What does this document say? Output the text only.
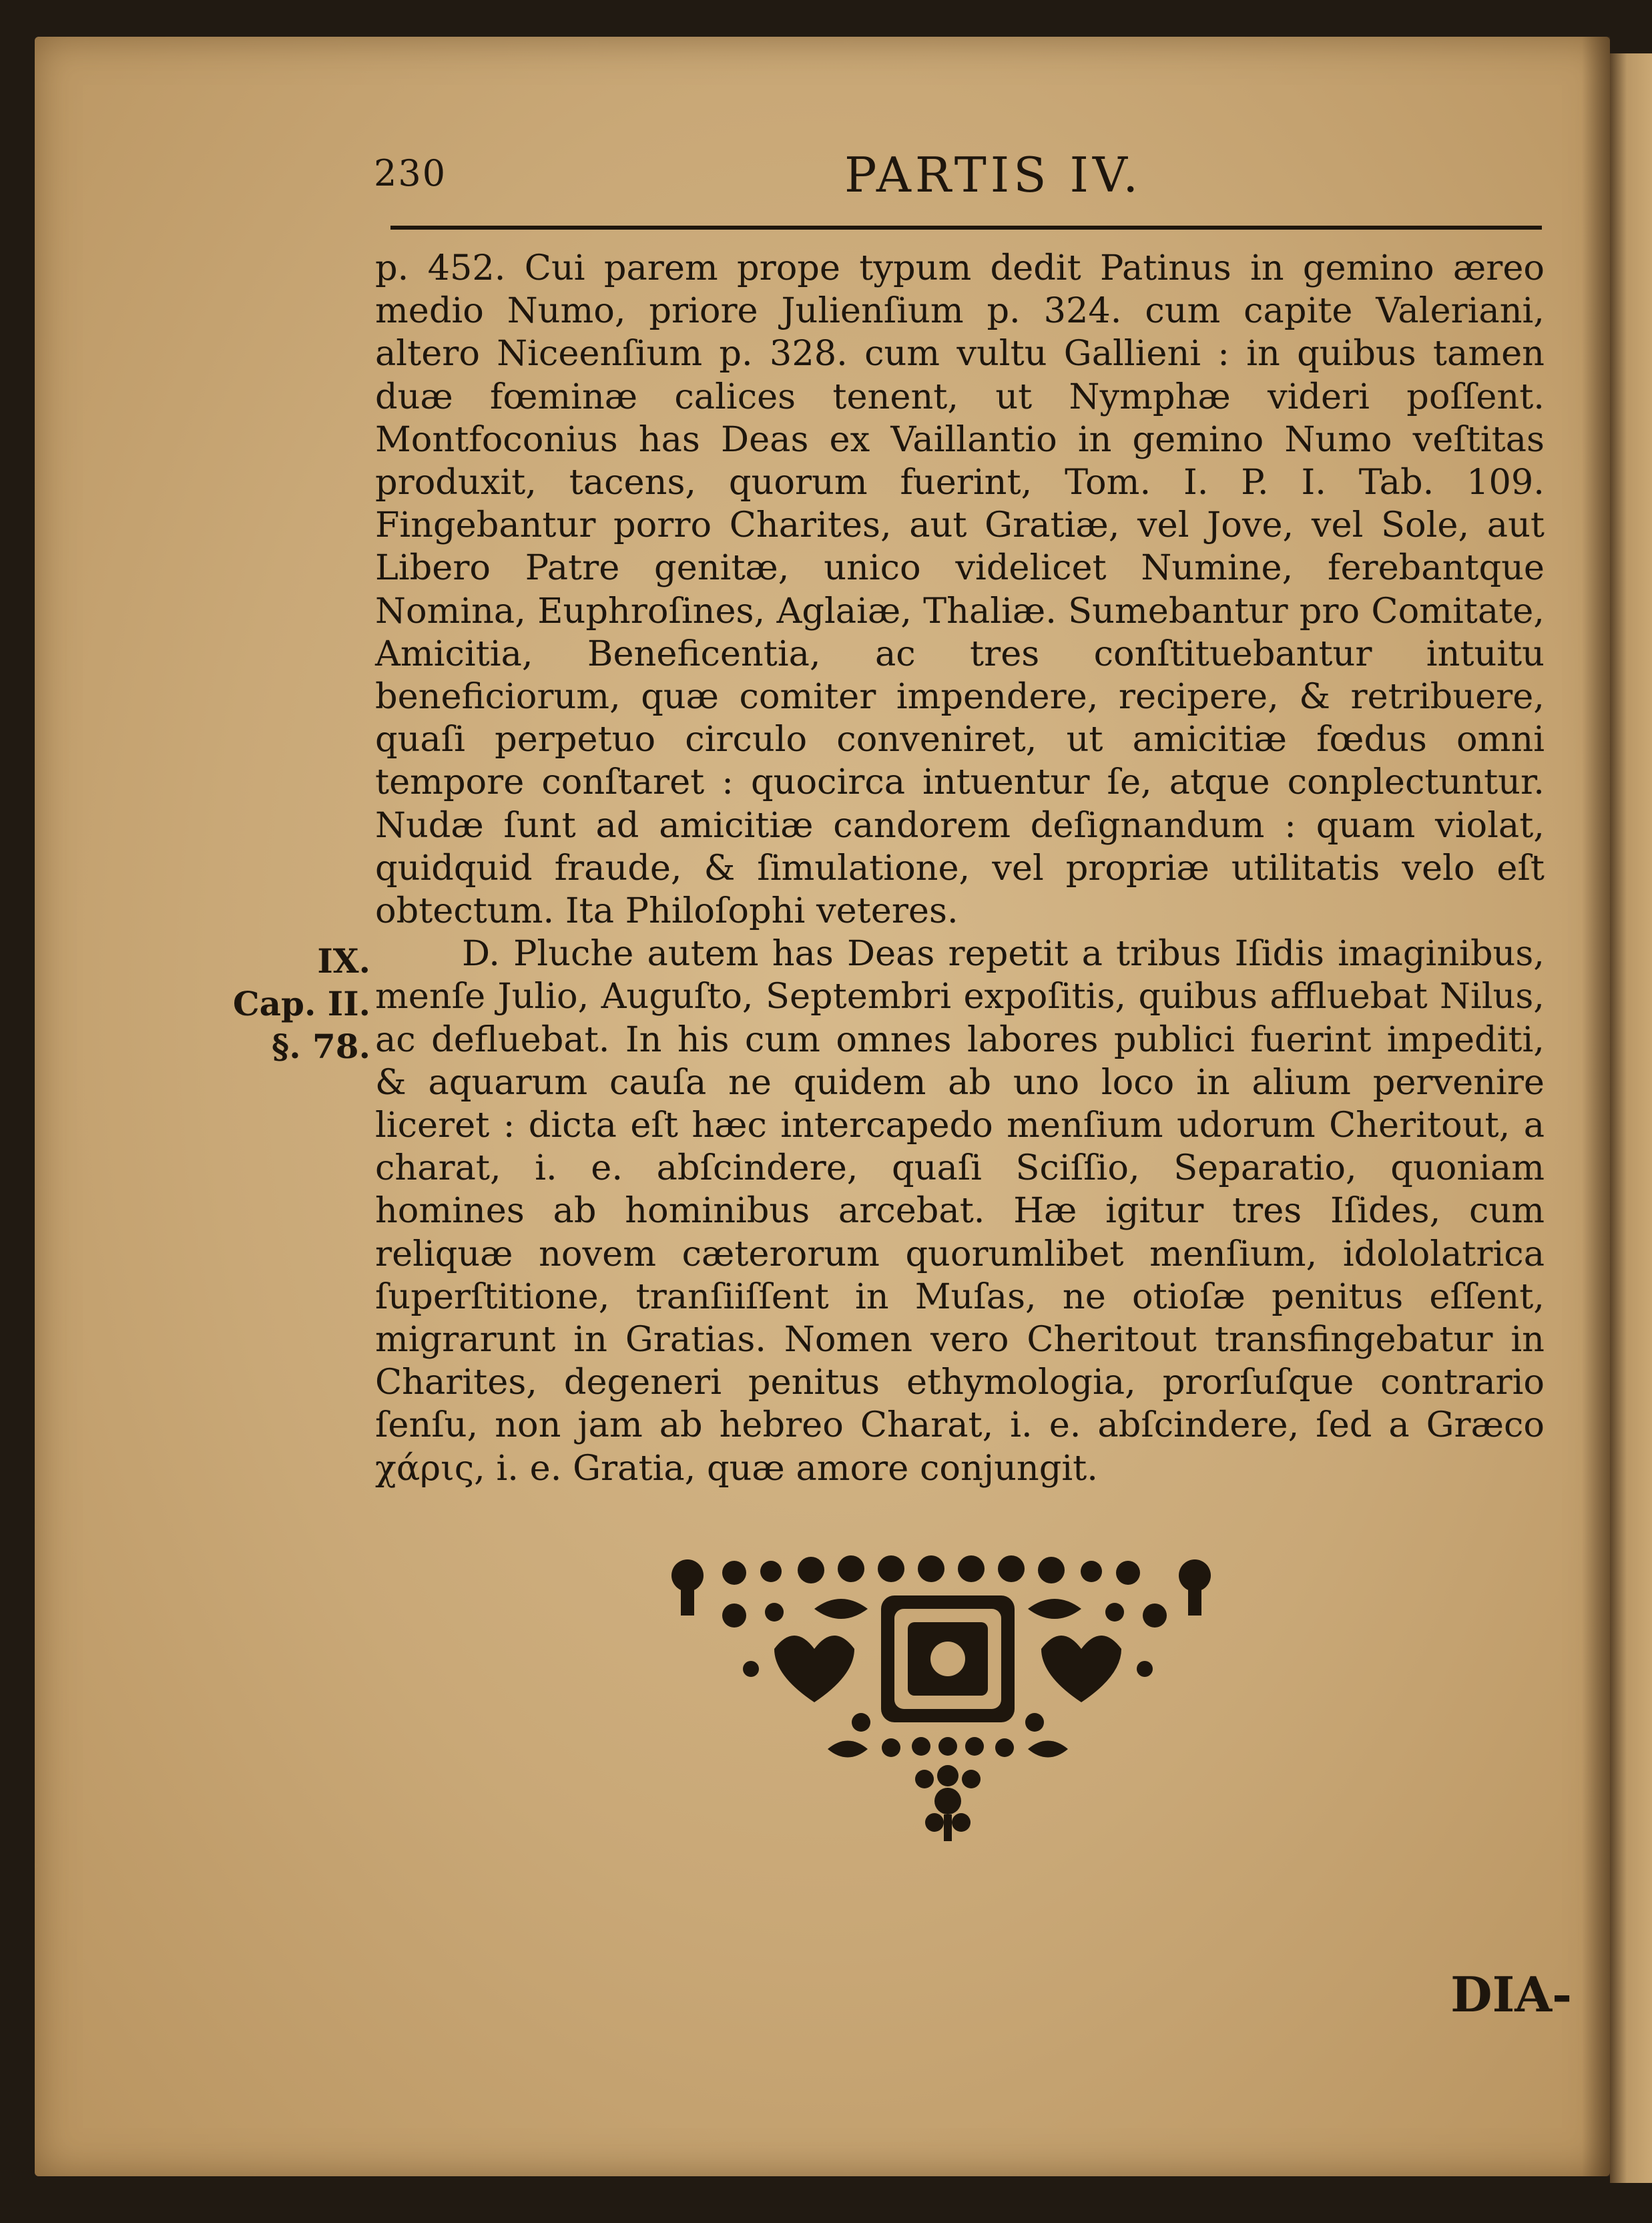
230	PARTIS IV.

p. 452. Cui parem prope typum dedit Patinus in gemino æreo medio Numo, priore Julienſium p. 324. cum capite Valeriani, altero Niceenſium p. 328. cum vultu Gallieni : in quibus tamen duæ fœminæ calices tenent, ut Nymphæ videri poſſent. Montfoconius has Deas ex Vaillantio in gemino Numo veſtitas produxit, tacens, quorum fuerint, Tom. I. P. I. Tab. 109. Fingebantur porro Charites, aut Gratiæ, vel Jove, vel Sole, aut Libero Patre genitæ, unico videlicet Numine, ferebantque Nomina, Euphroſines, Aglaiæ, Thaliæ. Sumebantur pro Comitate, Amicitia, Beneficentia, ac tres conſtituebantur intuitu beneficiorum, quæ comiter impendere, recipere, & retribuere, quaſi perpetuo circulo conveniret, ut amicitiæ fœdus omni tempore conſtaret : quocirca intuentur ſe, atque conplectuntur. Nudæ ſunt ad amicitiæ candorem deſignandum : quam violat, quidquid fraude, & ſimulatione, vel propriæ utilitatis velo eſt obtectum. Ita Philoſophi veteres.

D. Pluche autem has Deas repetit a tribus Iſidis imaginibus, menſe Julio, Auguſto, Septembri expoſitis, quibus affluebat Nilus, ac defluebat. In his cum omnes labores publici fuerint impediti, & aquarum cauſa ne quidem ab uno loco in alium pervenire liceret : dicta eſt hæc intercapedo menſium udorum Cheritout, a charat, i. e. abſcindere, quaſi Sciſſio, Separatio, quoniam homines ab hominibus arcebat. Hæ igitur tres Iſides, cum reliquæ novem cæterorum quorumlibet menſium, idololatrica ſuperſtitione, tranſiiſſent in Muſas, ne otioſæ penitus eſſent, migrarunt in Gratias. Nomen vero Cheritout transfingebatur in Charites, degeneri penitus ethymologia, prorſuſque contrario ſenſu, non jam ab hebreo Charat, i. e. abſcindere, ſed a Græco χάρις, i. e. Gratia, quæ amore conjungit.

IX.
Cap. II.
§. 78.
DIA-
